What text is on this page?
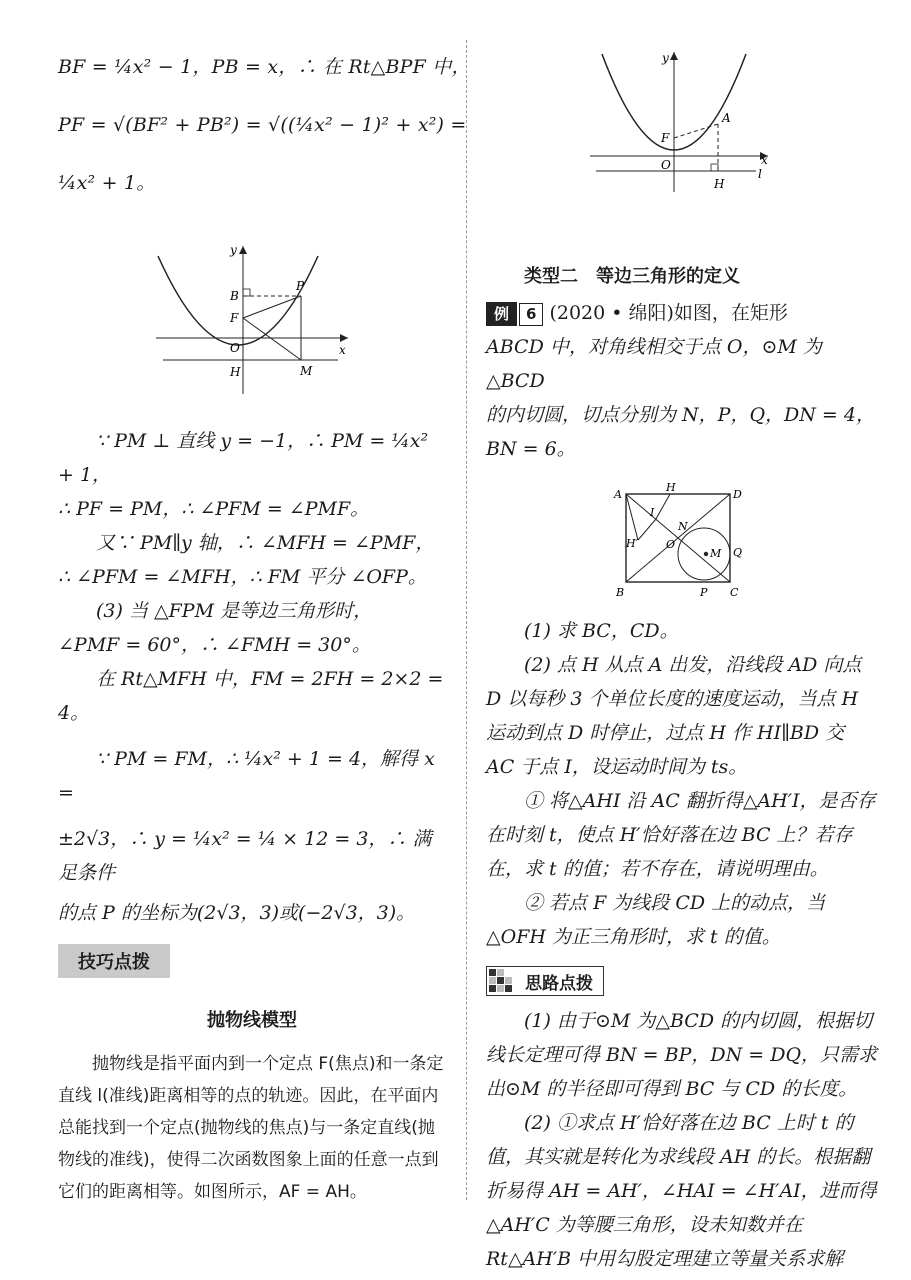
BF = ¼x² − 1，PB = x，∴ 在 Rt△BPF 中，
PF = √(BF² + PB²) = √((¼x² − 1)² + x²) =
¼x² + 1。
y
x
B
P
F
O
H	M
∵ PM ⊥ 直线 y = −1，∴ PM = ¼x² + 1，
∴ PF = PM，∴ ∠PFM = ∠PMF。
又∵ PM∥y 轴，∴ ∠MFH = ∠PMF，
∴ ∠PFM = ∠MFH，∴ FM 平分 ∠OFP。
(3) 当 △FPM 是等边三角形时，
∠PMF = 60°，∴ ∠FMH = 30°。
在 Rt△MFH 中，FM = 2FH = 2×2 = 4。
∵ PM = FM，∴ ¼x² + 1 = 4，解得 x =
±2√3，∴ y = ¼x² = ¼ × 12 = 3，∴ 满足条件
的点 P 的坐标为(2√3，3)或(−2√3，3)。
技巧点拨
抛物线模型
抛物线是指平面内到一个定点 F(焦点)和一条定直线 l(准线)距离相等的点的轨迹。因此，在平面内总能找到一个定点(抛物线的焦点)与一条定直线(抛物线的准线)，使得二次函数图象上面的任意一点到它们的距离相等。如图所示，AF = AH。
y
x
A
F
O
H
l
类型二　等边三角形的定义
例 6 (2020 • 绵阳)如图，在矩形
ABCD 中，对角线相交于点 O，⊙M 为△BCD
的内切圆，切点分别为 N，P，Q，DN = 4，
BN = 6。
A
H
D
I
N
H′	O
M Q
B	P C
(1) 求 BC，CD。
(2) 点 H 从点 A 出发，沿线段 AD 向点 D 以每秒 3 个单位长度的速度运动，当点 H 运动到点 D 时停止，过点 H 作 HI∥BD 交 AC 于点 I，设运动时间为 ts。
① 将△AHI 沿 AC 翻折得△AH′I，是否存在时刻 t，使点 H′恰好落在边 BC 上？若存在，求 t 的值；若不存在，请说明理由。
② 若点 F 为线段 CD 上的动点，当△OFH 为正三角形时，求 t 的值。
思路点拨
(1) 由于⊙M 为△BCD 的内切圆，根据切线长定理可得 BN = BP，DN = DQ，只需求出⊙M 的半径即可得到 BC 与 CD 的长度。
(2) ①求点 H′恰好落在边 BC 上时 t 的值，其实就是转化为求线段 AH 的长。根据翻折易得 AH = AH′，∠HAI = ∠H′AI，进而得△AH′C 为等腰三角形，设未知数并在 Rt△AH′B 中用勾股定理建立等量关系求解
